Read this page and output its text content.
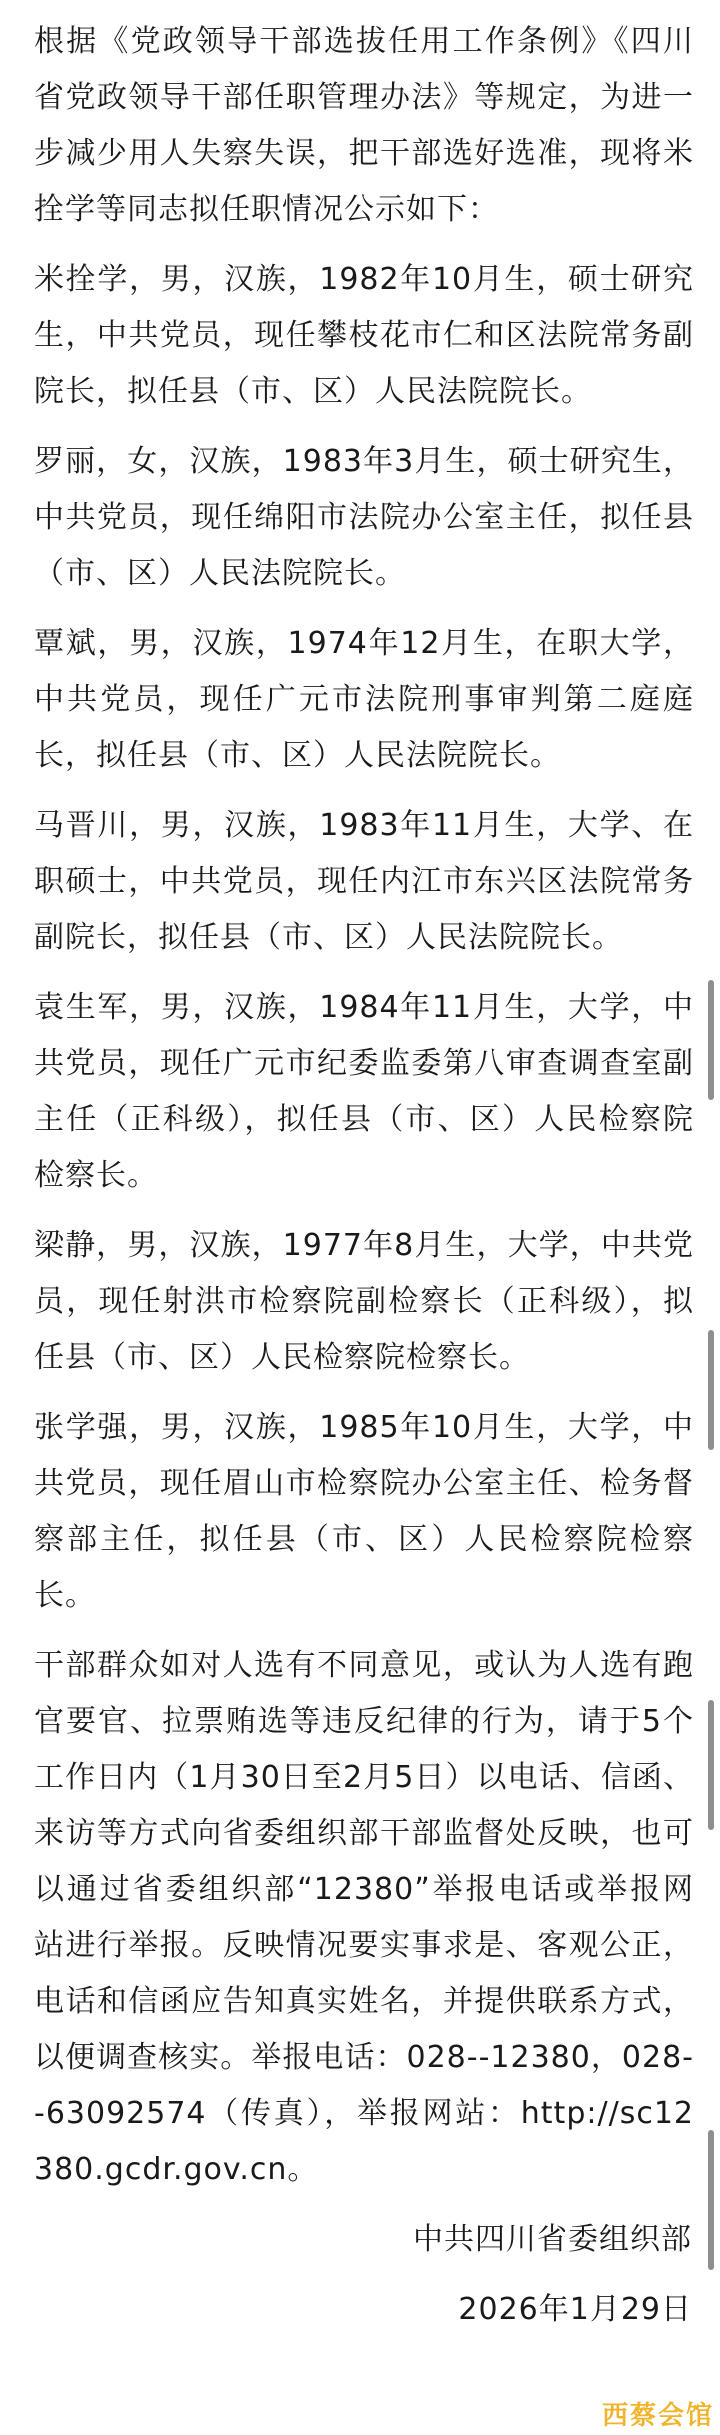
根据《党政领导干部选拔任用工作条例》《四川省党政领导干部任职管理办法》等规定，为进一步减少用人失察失误，把干部选好选准，现将米拴学等同志拟任职情况公示如下：

米拴学，男，汉族，1982年10月生，硕士研究生，中共党员，现任攀枝花市仁和区法院常务副院长，拟任县（市、区）人民法院院长。

罗丽，女，汉族，1983年3月生，硕士研究生，中共党员，现任绵阳市法院办公室主任，拟任县（市、区）人民法院院长。

覃斌，男，汉族，1974年12月生，在职大学，中共党员，现任广元市法院刑事审判第二庭庭长，拟任县（市、区）人民法院院长。

马晋川，男，汉族，1983年11月生，大学、在职硕士，中共党员，现任内江市东兴区法院常务副院长，拟任县（市、区）人民法院院长。

袁生军，男，汉族，1984年11月生，大学，中共党员，现任广元市纪委监委第八审查调查室副主任（正科级），拟任县（市、区）人民检察院检察长。

梁静，男，汉族，1977年8月生，大学，中共党员，现任射洪市检察院副检察长（正科级），拟任县（市、区）人民检察院检察长。

张学强，男，汉族，1985年10月生，大学，中共党员，现任眉山市检察院办公室主任、检务督察部主任，拟任县（市、区）人民检察院检察长。

干部群众如对人选有不同意见，或认为人选有跑官要官、拉票贿选等违反纪律的行为，请于5个工作日内（1月30日至2月5日）以电话、信函、来访等方式向省委组织部干部监督处反映，也可以通过省委组织部“12380”举报电话或举报网站进行举报。反映情况要实事求是、客观公正，电话和信函应告知真实姓名，并提供联系方式，以便调查核实。举报电话：028--12380，028--63092574（传真），举报网站：http://sc12380.gcdr.gov.cn。

中共四川省委组织部

2026年1月29日

西蔡会馆
